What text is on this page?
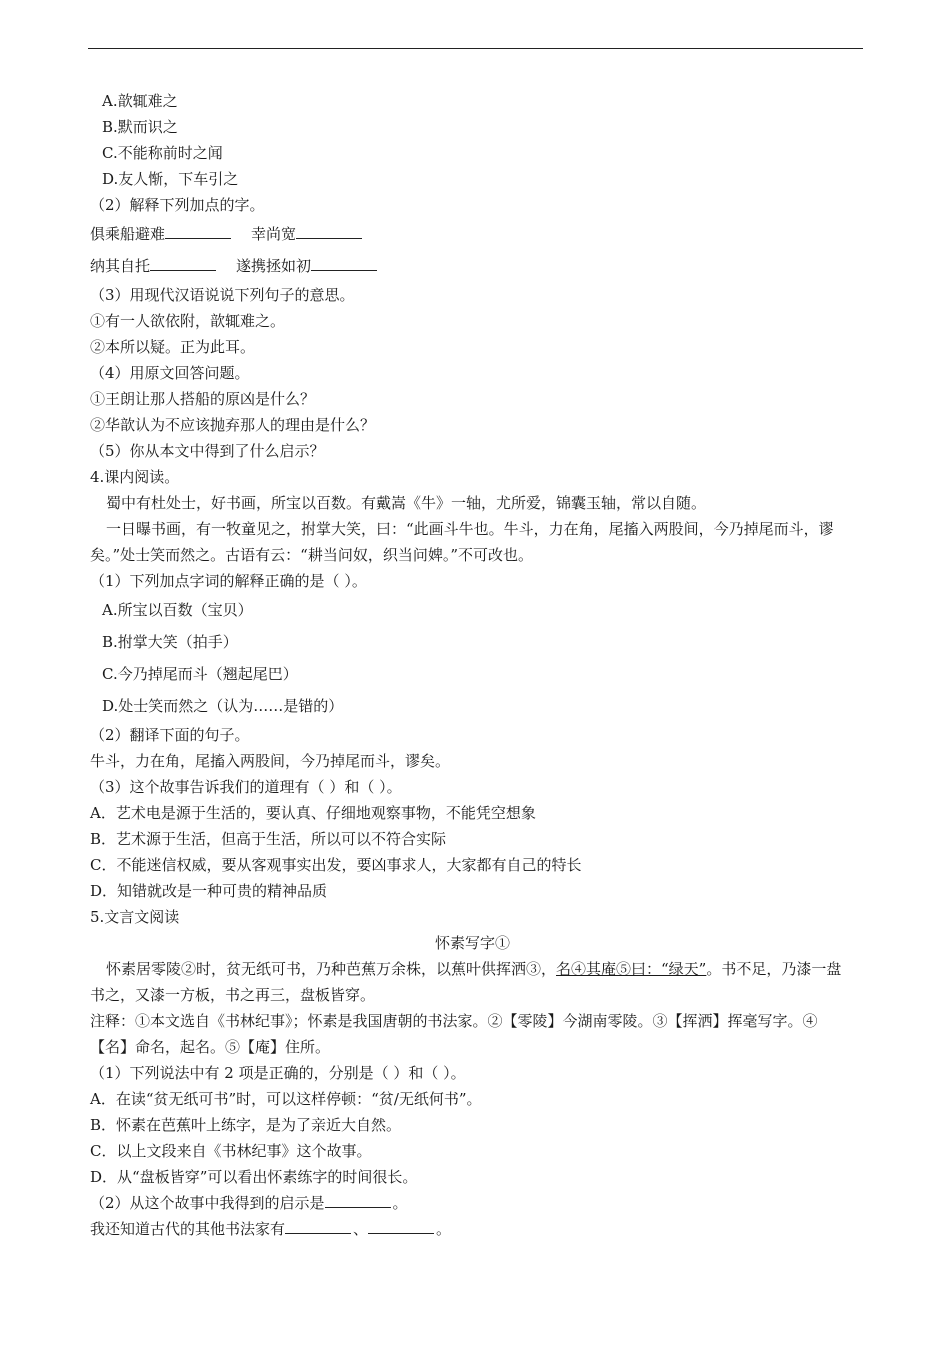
A.歆辄难之
B.默而识之
C.不能称前时之闻
D.友人惭，下车引之
（2）解释下列加点的字。
俱乘船避难	幸尚宽
纳其自托	遂携拯如初
（3）用现代汉语说说下列句子的意思。
①有一人欲依附，歆辄难之。
②本所以疑。正为此耳。
（4）用原文回答问题。
①王朗让那人搭船的原凶是什么？
②华歆认为不应该抛弃那人的理由是什么？
（5）你从本文中得到了什么启示？
4.课内阅读。
蜀中有杜处士，好书画，所宝以百数。有戴嵩《牛》一轴，尤所爱，锦囊玉轴，常以自随。
一日曝书画，有一牧童见之，拊掌大笑，曰：“此画斗牛也。牛斗，力在角，尾搐入两股间，今乃掉尾而斗，谬矣。”处士笑而然之。古语有云：“耕当问奴，织当问婢。”不可改也。
（1）下列加点字词的解释正确的是（ ）。
A.所宝以百数（宝贝）
B.拊掌大笑（拍手）
C.今乃掉尾而斗（翘起尾巴）
D.处士笑而然之（认为……是错的）
（2）翻译下面的句子。
牛斗，力在角，尾搐入两股间，今乃掉尾而斗，谬矣。
（3）这个故事告诉我们的道理有（ ）和（ ）。
A．艺术电是源于生活的，要认真、仔细地观察事物，不能凭空想象
B．艺术源于生活，但高于生活，所以可以不符合实际
C．不能迷信权威，要从客观事实出发，要凶事求人，大家都有自己的特长
D．知错就改是一种可贵的精神品质
5.文言文阅读
怀素写字①
怀素居零陵②时，贫无纸可书，乃种芭蕉万余株，以蕉叶供挥洒③，名④其庵⑤曰：“绿天”。书不足，乃漆一盘书之，又漆一方板，书之再三，盘板皆穿。
注释：①本文选自《书林纪事》；怀素是我国唐朝的书法家。②【零陵】今湖南零陵。③【挥洒】挥毫写字。④【名】命名，起名。⑤【庵】住所。
（1）下列说法中有 2 项是正确的，分别是（ ）和（ ）。
A．在读“贫无纸可书”时，可以这样停顿：“贫/无纸何书”。
B．怀素在芭蕉叶上练字，是为了亲近大自然。
C．以上文段来自《书林纪事》这个故事。
D．从“盘板皆穿”可以看出怀素练字的时间很长。
（2）从这个故事中我得到的启示是	。
我还知道古代的其他书法家有	、	。
